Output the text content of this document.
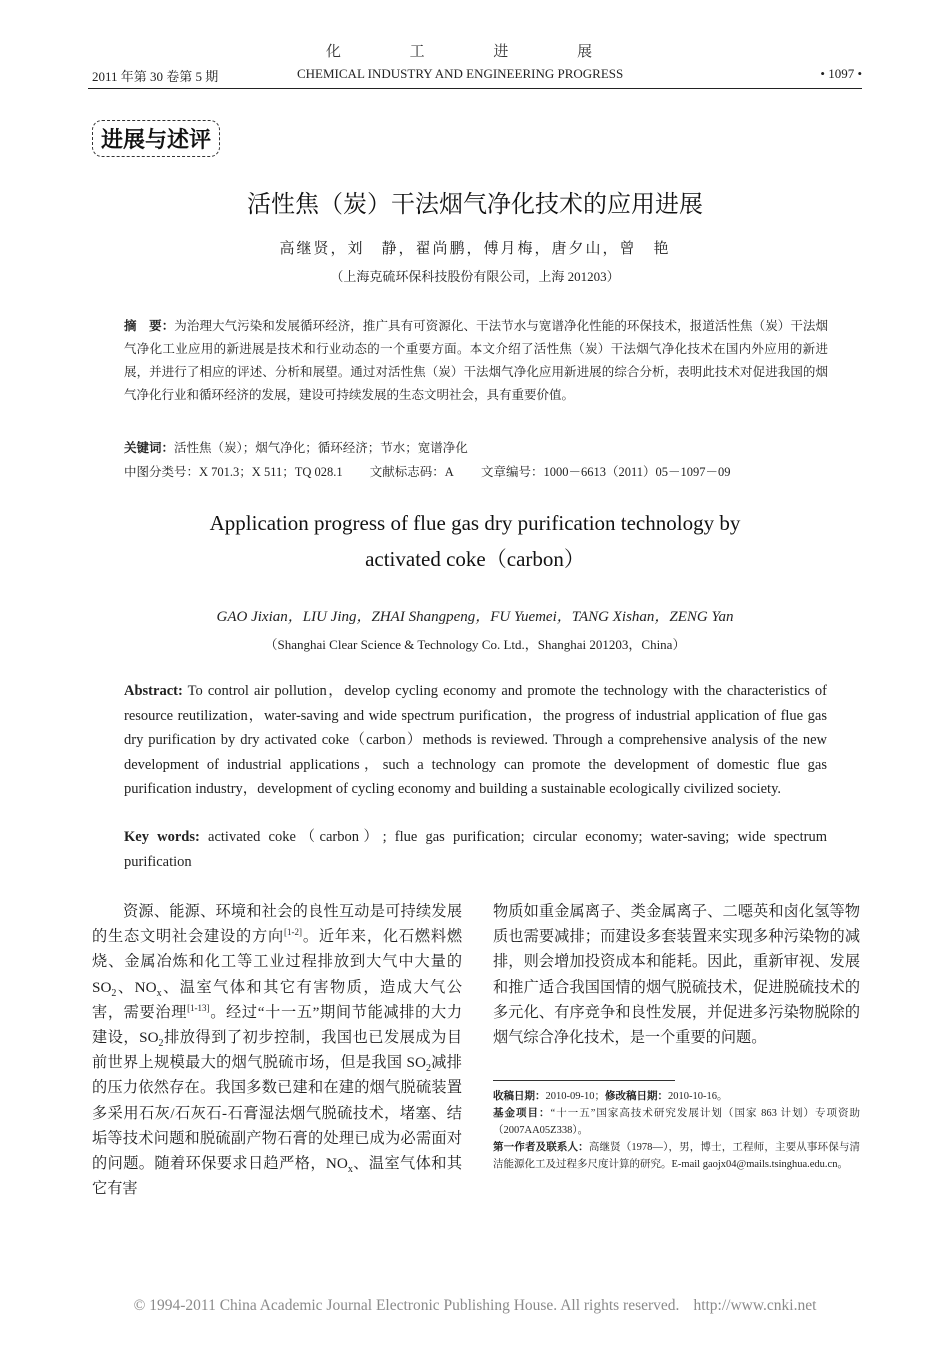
化 工 进 展
2011 年第 30 卷第 5 期	CHEMICAL INDUSTRY AND ENGINEERING PROGRESS	• 1097 •
进展与述评
活性焦（炭）干法烟气净化技术的应用进展
高继贤，刘　静，翟尚鹏，傅月梅，唐夕山，曾　艳
（上海克硫环保科技股份有限公司，上海 201203）
摘　要：为治理大气污染和发展循环经济，推广具有可资源化、干法节水与宽谱净化性能的环保技术，报道活性焦（炭）干法烟气净化工业应用的新进展是技术和行业动态的一个重要方面。本文介绍了活性焦（炭）干法烟气净化技术在国内外应用的新进展，并进行了相应的评述、分析和展望。通过对活性焦（炭）干法烟气净化应用新进展的综合分析，表明此技术对促进我国的烟气净化行业和循环经济的发展，建设可持续发展的生态文明社会，具有重要价值。
关键词：活性焦（炭）；烟气净化；循环经济；节水；宽谱净化
中图分类号：X 701.3；X 511；TQ 028.1 文献标志码：A 文章编号：1000－6613（2011）05－1097－09
Application progress of flue gas dry purification technology by
activated coke（carbon）
GAO Jixian，LIU Jing，ZHAI Shangpeng，FU Yuemei，TANG Xishan，ZENG Yan
（Shanghai Clear Science & Technology Co. Ltd.，Shanghai 201203，China）
Abstract: To control air pollution，develop cycling economy and promote the technology with the characteristics of resource reutilization，water-saving and wide spectrum purification，the progress of industrial application of flue gas dry purification by dry activated coke（carbon）methods is reviewed. Through a comprehensive analysis of the new development of industrial applications，such a technology can promote the development of domestic flue gas purification industry，development of cycling economy and building a sustainable ecologically civilized society.
Key words: activated coke（carbon）; flue gas purification; circular economy; water-saving; wide spectrum purification
资源、能源、环境和社会的良性互动是可持续发展的生态文明社会建设的方向[1-2]。近年来，化石燃料燃烧、金属冶炼和化工等工业过程排放到大气中大量的 $SO_2$、$NO_x$、温室气体和其它有害物质，造成大气公害，需要治理[1-13]。经过“十一五”期间节能减排的大力建设，$SO_2$排放得到了初步控制，我国也已发展成为目前世界上规模最大的烟气脱硫市场，但是我国 $SO_2$减排的压力依然存在。我国多数已建和在建的烟气脱硫装置多采用石灰/石灰石-石膏湿法烟气脱硫技术，堵塞、结垢等技术问题和脱硫副产物石膏的处理已成为必需面对的问题。随着环保要求日趋严格，$NO_x$、温室气体和其它有害
物质如重金属离子、类金属离子、二噁英和卤化氢等物质也需要减排；而建设多套装置来实现多种污染物的减排，则会增加投资成本和能耗。因此，重新审视、发展和推广适合我国国情的烟气脱硫技术，促进脱硫技术的多元化、有序竞争和良性发展，并促进多污染物脱除的烟气综合净化技术，是一个重要的问题。
收稿日期：2010-09-10；修改稿日期：2010-10-16。
基金项目：“十一五”国家高技术研究发展计划（国家 863 计划）专项资助（2007AA05Z338）。
第一作者及联系人：高继贤（1978—），男，博士，工程师，主要从事环保与清洁能源化工及过程多尺度计算的研究。E-mail gaojx04@mails.tsinghua.edu.cn。
© 1994-2011 China Academic Journal Electronic Publishing House. All rights reserved. http://www.cnki.net
